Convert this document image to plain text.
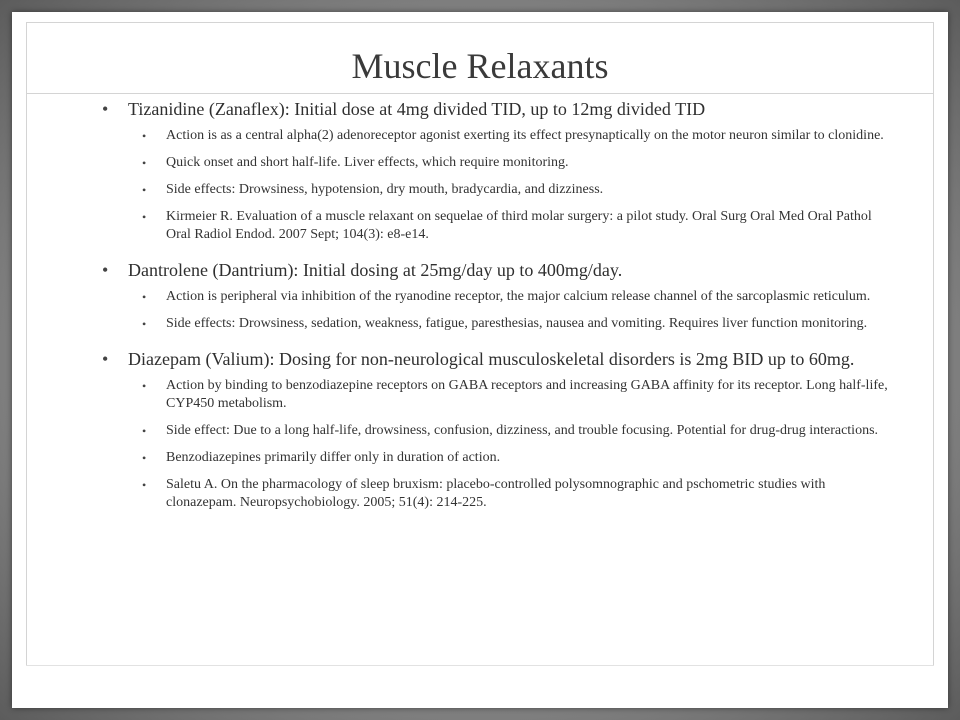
Muscle Relaxants
•	Tizanidine (Zanaflex): Initial dose at 4mg divided TID, up to 12mg divided TID
•	Action is as a central alpha(2) adenoreceptor agonist exerting its effect presynaptically on the motor neuron similar to clonidine.
•	Quick onset and short half-life. Liver effects, which require monitoring.
•	Side effects: Drowsiness, hypotension, dry mouth, bradycardia, and dizziness.
•	Kirmeier R. Evaluation of a muscle relaxant on sequelae of third molar surgery: a pilot study. Oral Surg Oral Med Oral Pathol Oral Radiol Endod. 2007 Sept; 104(3): e8-e14.
•	Dantrolene (Dantrium): Initial dosing at 25mg/day up to 400mg/day.
•	Action is peripheral via inhibition of the ryanodine receptor, the major calcium release channel of the sarcoplasmic reticulum.
•	Side effects: Drowsiness, sedation, weakness, fatigue, paresthesias, nausea and vomiting. Requires liver function monitoring.
•	Diazepam (Valium): Dosing for non-neurological musculoskeletal disorders is 2mg BID up to 60mg.
•	Action by binding to benzodiazepine receptors on GABA receptors and increasing GABA affinity for its receptor. Long half-life, CYP450 metabolism.
•	Side effect: Due to a long half-life, drowsiness, confusion, dizziness, and trouble focusing. Potential for drug-drug interactions.
•	Benzodiazepines primarily differ only in duration of action.
•	Saletu A. On the pharmacology of sleep bruxism: placebo-controlled polysomnographic and pschometric studies with clonazepam. Neuropsychobiology. 2005; 51(4): 214-225.
